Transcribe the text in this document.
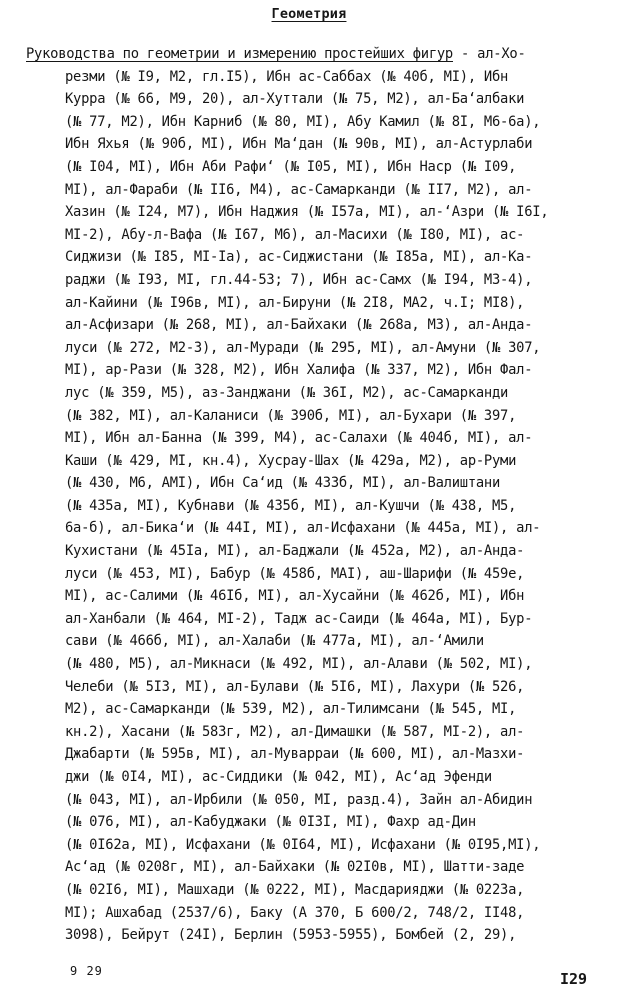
Геометрия
Руководства по геометрии и измерению простейших фигур - ал-Хо-
резми (№ I9, M2, гл.I5), Ибн ас-Саббах (№ 40б, MI), Ибн
Курра (№ 66, М9, 20), ал-Хуттали (№ 75, M2), ал-Ба‘албаки
(№ 77, M2), Ибн Карниб (№ 80, MI), Абу Камил (№ 8I, M6-6а),
Ибн Яхья (№ 90б, MI), Ибн Ма‘дан (№ 90в, MI), ал-Астурлаби
(№ I04, MI), Ибн Аби Рафи‘ (№ I05, MI), Ибн Наср (№ I09,
MI), ал-Фараби (№ II6, M4), ас-Самарканди (№ II7, M2), ал-
Хазин (№ I24, M7), Ибн Наджия (№ I57а, MI), ал-‘Азри (№ I6I,
MI-2), Абу-л-Вафа (№ I67, M6), ал-Масихи (№ I80, MI), ас-
Сиджизи (№ I85, MI-Iа), ас-Сиджистани (№ I85а, MI), ал-Ка-
раджи (№ I93, MI, гл.44-53; 7), Ибн ас-Самх (№ I94, M3-4),
ал-Кайини (№ I96в, MI), ал-Бируни (№ 2I8, MA2, ч.I; MI8),
ал-Асфизари (№ 268, MI), ал-Байхаки (№ 268а, M3), ал-Анда-
луси (№ 272, M2-3), ал-Муради (№ 295, MI), ал-Амуни (№ 307,
MI), ар-Рази (№ 328, M2), Ибн Халифа (№ 337, M2), Ибн Фал-
лус (№ 359, M5), аз-Занджани (№ 36I, M2), ас-Самарканди
(№ 382, MI), ал-Каланиси (№ 390б, MI), ал-Бухари (№ 397,
MI), Ибн ал-Банна (№ 399, M4), ас-Салахи (№ 404б, MI), ал-
Каши (№ 429, MI, кн.4), Хусрау-Шах (№ 429а, M2), ар-Руми
(№ 430, M6, AMI), Ибн Са‘ид (№ 433б, MI), ал-Валиштани
(№ 435а, MI), Кубнави (№ 435б, MI), ал-Кушчи (№ 438, M5,
6а-б), ал-Бика‘и (№ 44I, MI), ал-Исфахани (№ 445а, MI), ал-
Кухистани (№ 45Iа, MI), ал-Баджали (№ 452а, M2), ал-Анда-
луси (№ 453, MI), Бабур (№ 458б, MAI), аш-Шарифи (№ 459е,
MI), ас-Салими (№ 46Iб, MI), ал-Хусайни (№ 462б, MI), Ибн
ал-Ханбали (№ 464, MI-2), Тадж ас-Саиди (№ 464а, MI), Бур-
сави (№ 466б, MI), ал-Халаби (№ 477а, MI), ал-‘Амили
(№ 480, M5), ал-Микнаси (№ 492, MI), ал-Алави (№ 502, MI),
Челеби (№ 5I3, MI), ал-Булави (№ 5I6, MI), Лахури (№ 526,
M2), ас-Самарканди (№ 539, M2), ал-Тилимсани (№ 545, MI,
кн.2), Хасани (№ 583г, M2), ал-Димашки (№ 587, MI-2), ал-
Джабарти (№ 595в, MI), ал-Муварраи (№ 600, MI), ал-Мазхи-
джи (№ 0I4, MI), ас-Сиддики (№ 042, MI), Ас‘ад Эфенди
(№ 043, MI), ал-Ирбили (№ 050, MI, разд.4), Зайн ал-Абидин
(№ 076, MI), ал-Кабуджаки (№ 0I3I, MI), Фахр ад-Дин
(№ 0I62а, MI), Исфахани (№ 0I64, MI), Исфахани (№ 0I95,MI),
Ас‘ад (№ 0208г, MI), ал-Байхаки (№ 02I0в, MI), Шатти-заде
(№ 02I6, MI), Машхади (№ 0222, MI), Масдарияджи (№ 0223а,
MI); Ашхабад (2537/6), Баку (A 370, Б 600/2, 748/2, II48,
3098), Бейрут (24I), Берлин (5953-5955), Бомбей (2, 29),
9 29	I29
